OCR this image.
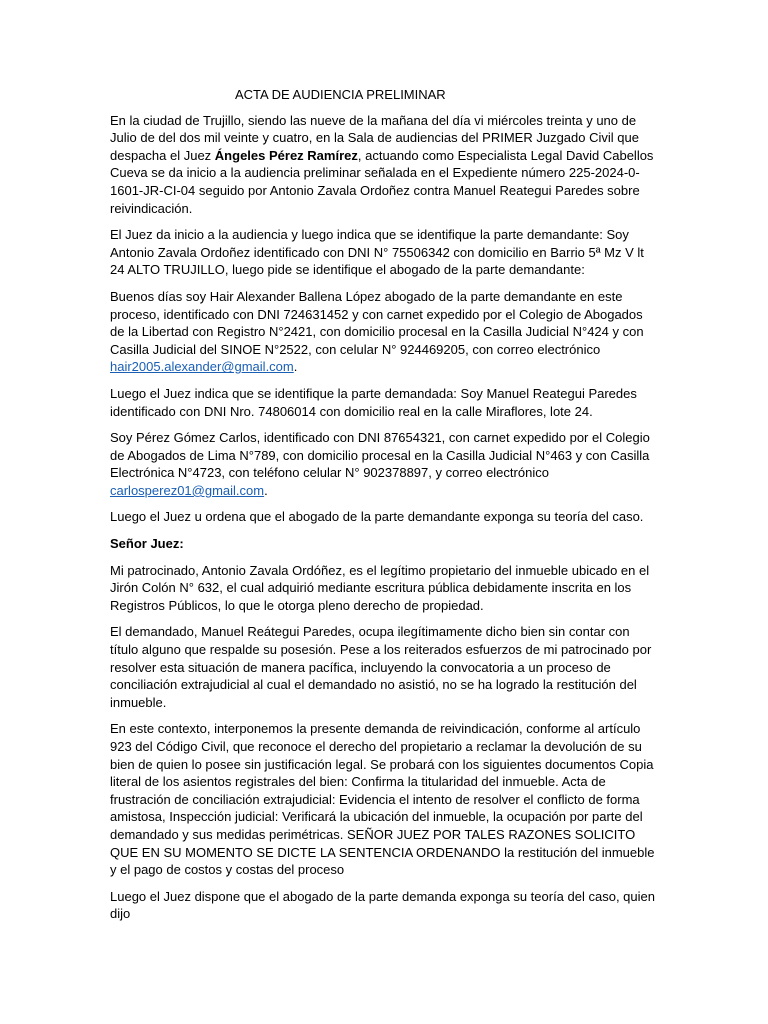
ACTA DE AUDIENCIA PRELIMINAR

En la ciudad de Trujillo, siendo las nueve de la mañana del día vi miércoles treinta y uno de Julio de del dos mil veinte y cuatro, en la Sala de audiencias del PRIMER Juzgado Civil que despacha el Juez Ángeles Pérez Ramírez, actuando como Especialista Legal David Cabellos Cueva se da inicio a la audiencia preliminar señalada en el Expediente número 225-2024-0-1601-JR-CI-04 seguido por Antonio Zavala Ordoñez contra Manuel Reategui Paredes sobre reivindicación.

El Juez da inicio a la audiencia y luego indica que se identifique la parte demandante: Soy Antonio Zavala Ordoñez identificado con DNI N° 75506342 con domicilio en Barrio 5ª Mz V lt 24 ALTO TRUJILLO, luego pide se identifique el abogado de la parte demandante:

Buenos días soy Hair Alexander Ballena López abogado de la parte demandante en este proceso, identificado con DNI 724631452 y con carnet expedido por el Colegio de Abogados de la Libertad con Registro N°2421, con domicilio procesal en la Casilla Judicial N°424 y con Casilla Judicial del SINOE N°2522, con celular N° 924469205, con correo electrónico hair2005.alexander@gmail.com.

Luego el Juez indica que se identifique la parte demandada: Soy Manuel Reategui Paredes identificado con DNI Nro. 74806014 con domicilio real en la calle Miraflores, lote 24.

Soy Pérez Gómez Carlos, identificado con DNI 87654321, con carnet expedido por el Colegio de Abogados de Lima N°789, con domicilio procesal en la Casilla Judicial N°463 y con Casilla Electrónica N°4723, con teléfono celular N° 902378897, y correo electrónico carlosperez01@gmail.com.

Luego el Juez u ordena que el abogado de la parte demandante exponga su teoría del caso.

Señor Juez:

Mi patrocinado, Antonio Zavala Ordóñez, es el legítimo propietario del inmueble ubicado en el Jirón Colón N° 632, el cual adquirió mediante escritura pública debidamente inscrita en los Registros Públicos, lo que le otorga pleno derecho de propiedad.

El demandado, Manuel Reátegui Paredes, ocupa ilegítimamente dicho bien sin contar con título alguno que respalde su posesión. Pese a los reiterados esfuerzos de mi patrocinado por resolver esta situación de manera pacífica, incluyendo la convocatoria a un proceso de conciliación extrajudicial al cual el demandado no asistió, no se ha logrado la restitución del inmueble.

En este contexto, interponemos la presente demanda de reivindicación, conforme al artículo 923 del Código Civil, que reconoce el derecho del propietario a reclamar la devolución de su bien de quien lo posee sin justificación legal. Se probará con los siguientes documentos Copia literal de los asientos registrales del bien: Confirma la titularidad del inmueble. Acta de frustración de conciliación extrajudicial: Evidencia el intento de resolver el conflicto de forma amistosa, Inspección judicial: Verificará la ubicación del inmueble, la ocupación por parte del demandado y sus medidas perimétricas. SEÑOR JUEZ POR TALES RAZONES SOLICITO QUE EN SU MOMENTO SE DICTE LA SENTENCIA ORDENANDO la restitución del inmueble y el pago de costos y costas del proceso

Luego el Juez dispone que el abogado de la parte demanda exponga su teoría del caso, quien dijo
